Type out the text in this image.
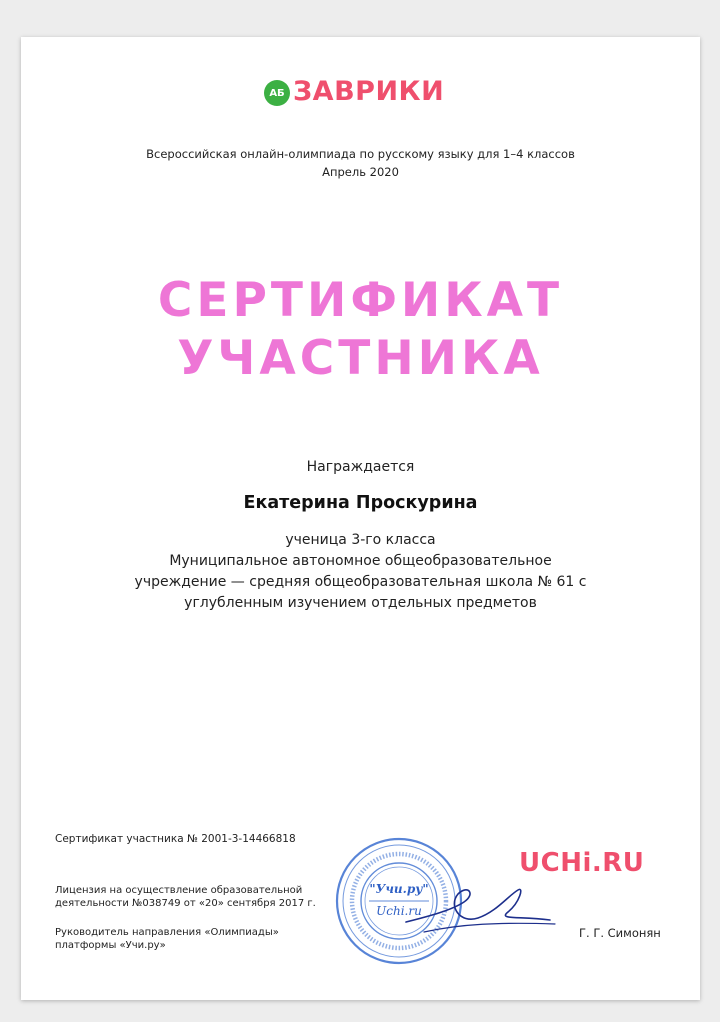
АБ ЗАВРИКИ
Всероссийская онлайн-олимпиада по русскому языку для 1–4 классов
Апрель 2020
СЕРТИФИКАТ
УЧАСТНИКА
Награждается
Екатерина Проскурина
ученица 3-го класса
Муниципальное автономное общеобразовательное
учреждение — средняя общеобразовательная школа № 61 с
углубленным изучением отдельных предметов
Сертификат участника № 2001-3-14466818
Лицензия на осуществление образовательной
деятельности №038749 от «20» сентября 2017 г.
Руководитель направления «Олимпиады»
платформы «Учи.ру»
UCHi.RU
"Учи.ру"
Uchi.ru
Г. Г. Симонян
